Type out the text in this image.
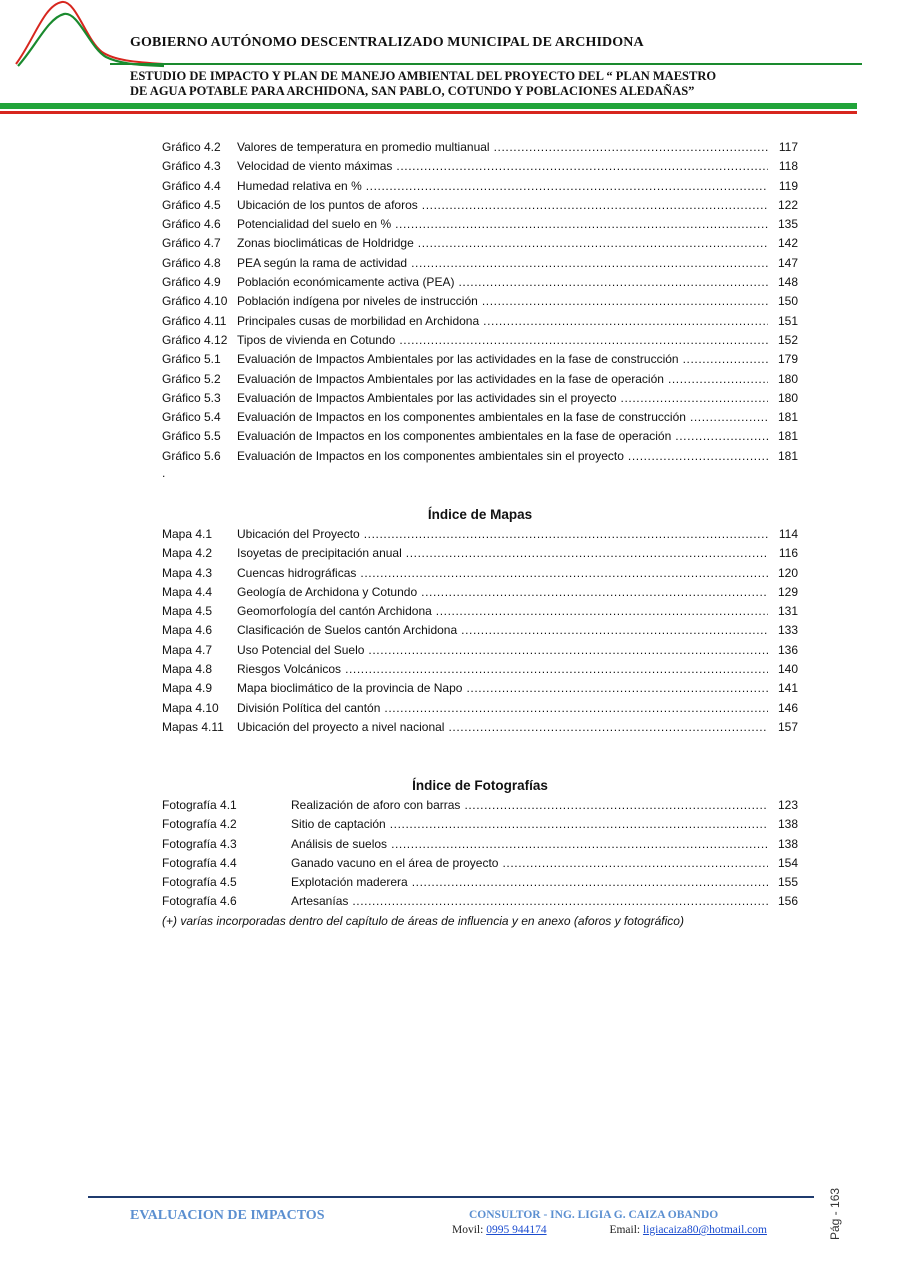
GOBIERNO AUTÓNOMO DESCENTRALIZADO MUNICIPAL DE ARCHIDONA
ESTUDIO DE IMPACTO Y PLAN DE MANEJO AMBIENTAL DEL PROYECTO DEL “ PLAN MAESTRO
DE AGUA POTABLE PARA ARCHIDONA, SAN PABLO, COTUNDO Y POBLACIONES ALEDAÑAS”
Gráfico 4.2 Valores de temperatura en promedio multianual .....	117
Gráfico 4.3 Velocidad de viento máximas .....	118
Gráfico 4.4 Humedad relativa en % .....	119
Gráfico 4.5 Ubicación de los puntos de aforos .....	122
Gráfico 4.6 Potencialidad del suelo en % .....	135
Gráfico 4.7 Zonas bioclimáticas de Holdridge .....	142
Gráfico 4.8 PEA según la rama de actividad .....	147
Gráfico 4.9 Población económicamente activa (PEA) .....	148
Gráfico 4.10 Población indígena por niveles de instrucción .....	150
Gráfico 4.11 Principales cusas de morbilidad en Archidona .....	151
Gráfico 4.12 Tipos de vivienda en Cotundo .....	152
Gráfico 5.1 Evaluación de Impactos Ambientales por las actividades en la fase de construcción .....	179
Gráfico 5.2 Evaluación de Impactos Ambientales por las actividades en la fase de operación .....	180
Gráfico 5.3 Evaluación de Impactos Ambientales por las actividades sin el proyecto .....	180
Gráfico 5.4 Evaluación de Impactos en los componentes ambientales en la fase de construcción .....	181
Gráfico 5.5 Evaluación de Impactos en los componentes ambientales en la fase de operación .....	181
Gráfico 5.6 Evaluación de Impactos en los componentes ambientales sin el proyecto .....	181
.
Índice de Mapas
Mapa 4.1 Ubicación del Proyecto .....	114
Mapa 4.2 Isoyetas de precipitación anual .....	116
Mapa 4.3 Cuencas hidrográficas .....	120
Mapa 4.4 Geología de Archidona y Cotundo .....	129
Mapa 4.5 Geomorfología del cantón Archidona .....	131
Mapa 4.6 Clasificación de Suelos cantón Archidona .....	133
Mapa 4.7 Uso Potencial del Suelo .....	136
Mapa 4.8 Riesgos Volcánicos .....	140
Mapa 4.9 Mapa bioclimático de la provincia de Napo .....	141
Mapa 4.10 División Política del cantón .....	146
Mapas 4.11 Ubicación del proyecto a nivel nacional .....	157
Índice de Fotografías
Fotografía 4.1	Realización de aforo con barras .....	123
Fotografía 4.2	Sitio de captación .....	138
Fotografía 4.3	Análisis de suelos .....	138
Fotografía 4.4	Ganado vacuno en el área de proyecto .....	154
Fotografía 4.5	Explotación maderera .....	155
Fotografía 4.6	Artesanías .....	156
(+) varías incorporadas dentro del capítulo de áreas de influencia y en anexo (aforos y fotográfico)
EVALUACION DE IMPACTOS	CONSULTOR - ING. LIGIA G. CAIZA OBANDO
Movil: 0995 944174	Email: ligiacaiza80@hotmail.com	Pág - 163
